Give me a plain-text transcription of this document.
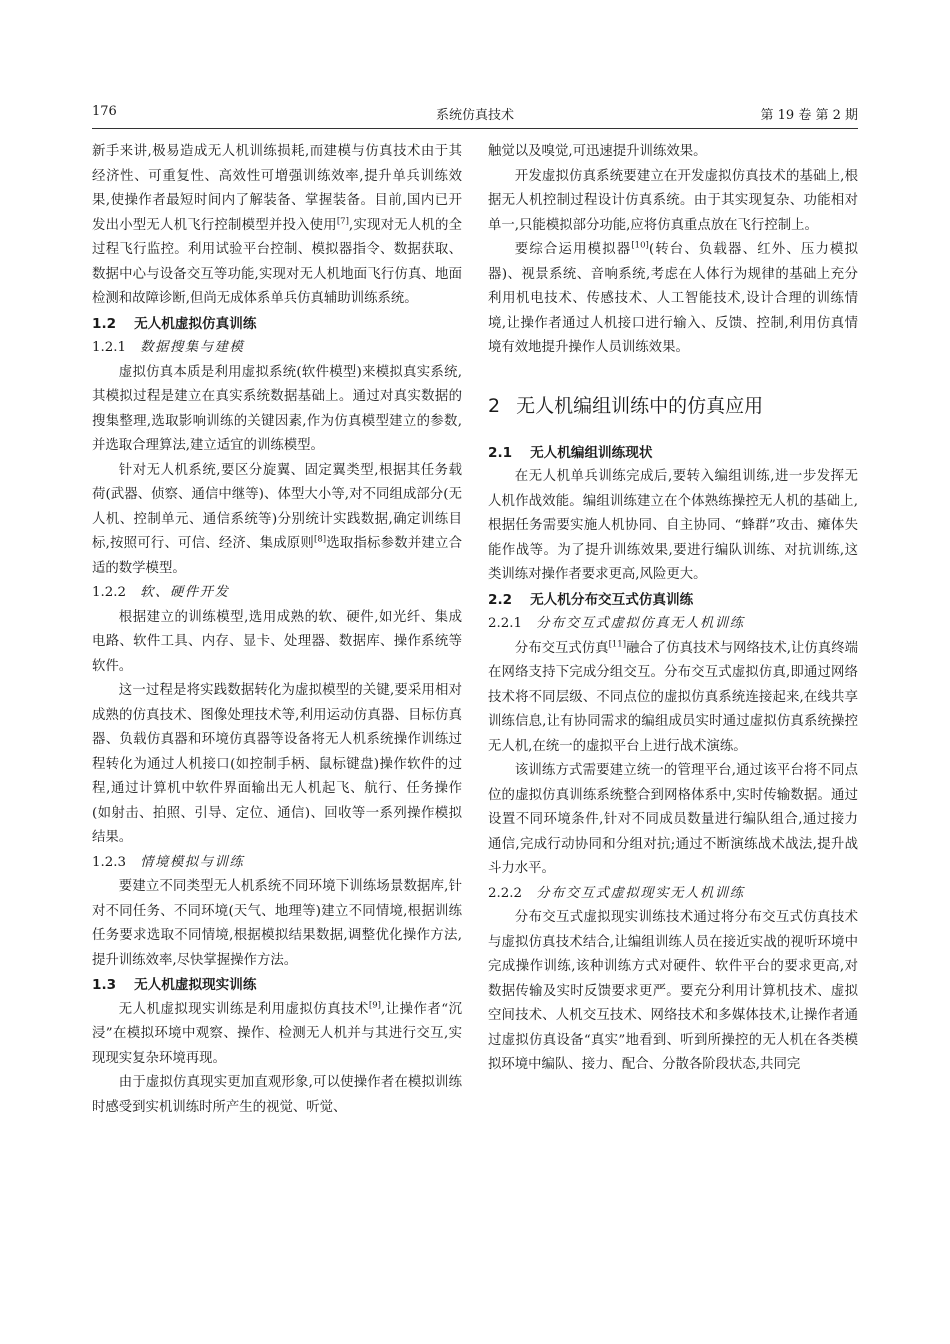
176	系统仿真技术	第 19 卷 第 2 期

新手来讲,极易造成无人机训练损耗,而建模与仿真技术由于其经济性、可重复性、高效性可增强训练效率,提升单兵训练效果,使操作者最短时间内了解装备、掌握装备。目前,国内已开发出小型无人机飞行控制模型并投入使用[7],实现对无人机的全过程飞行监控。利用试验平台控制、模拟器指令、数据获取、数据中心与设备交互等功能,实现对无人机地面飞行仿真、地面检测和故障诊断,但尚无成体系单兵仿真辅助训练系统。

1.2 无人机虚拟仿真训练
1.2.1 数据搜集与建模

虚拟仿真本质是利用虚拟系统(软件模型)来模拟真实系统,其模拟过程是建立在真实系统数据基础上。通过对真实数据的搜集整理,选取影响训练的关键因素,作为仿真模型建立的参数,并选取合理算法,建立适宜的训练模型。

针对无人机系统,要区分旋翼、固定翼类型,根据其任务载荷(武器、侦察、通信中继等)、体型大小等,对不同组成部分(无人机、控制单元、通信系统等)分别统计实践数据,确定训练目标,按照可行、可信、经济、集成原则[8]选取指标参数并建立合适的数学模型。

1.2.2 软、硬件开发

根据建立的训练模型,选用成熟的软、硬件,如光纤、集成电路、软件工具、内存、显卡、处理器、数据库、操作系统等软件。

这一过程是将实践数据转化为虚拟模型的关键,要采用相对成熟的仿真技术、图像处理技术等,利用运动仿真器、目标仿真器、负载仿真器和环境仿真器等设备将无人机系统操作训练过程转化为通过人机接口(如控制手柄、鼠标键盘)操作软件的过程,通过计算机中软件界面输出无人机起飞、航行、任务操作(如射击、拍照、引导、定位、通信)、回收等一系列操作模拟结果。

1.2.3 情境模拟与训练

要建立不同类型无人机系统不同环境下训练场景数据库,针对不同任务、不同环境(天气、地理等)建立不同情境,根据训练任务要求选取不同情境,根据模拟结果数据,调整优化操作方法,提升训练效率,尽快掌握操作方法。

1.3 无人机虚拟现实训练

无人机虚拟现实训练是利用虚拟仿真技术[9],让操作者“沉浸”在模拟环境中观察、操作、检测无人机并与其进行交互,实现现实复杂环境再现。

由于虚拟仿真现实更加直观形象,可以使操作者在模拟训练时感受到实机训练时所产生的视觉、听觉、

触觉以及嗅觉,可迅速提升训练效果。

开发虚拟仿真系统要建立在开发虚拟仿真技术的基础上,根据无人机控制过程设计仿真系统。由于其实现复杂、功能相对单一,只能模拟部分功能,应将仿真重点放在飞行控制上。

要综合运用模拟器[10](转台、负载器、红外、压力模拟器)、视景系统、音响系统,考虑在人体行为规律的基础上充分利用机电技术、传感技术、人工智能技术,设计合理的训练情境,让操作者通过人机接口进行输入、反馈、控制,利用仿真情境有效地提升操作人员训练效果。

2 无人机编组训练中的仿真应用
2.1 无人机编组训练现状

在无人机单兵训练完成后,要转入编组训练,进一步发挥无人机作战效能。编组训练建立在个体熟练操控无人机的基础上,根据任务需要实施人机协同、自主协同、“蜂群”攻击、瘫体失能作战等。为了提升训练效果,要进行编队训练、对抗训练,这类训练对操作者要求更高,风险更大。

2.2 无人机分布交互式仿真训练
2.2.1 分布交互式虚拟仿真无人机训练

分布交互式仿真[11]融合了仿真技术与网络技术,让仿真终端在网络支持下完成分组交互。分布交互式虚拟仿真,即通过网络技术将不同层级、不同点位的虚拟仿真系统连接起来,在线共享训练信息,让有协同需求的编组成员实时通过虚拟仿真系统操控无人机,在统一的虚拟平台上进行战术演练。

该训练方式需要建立统一的管理平台,通过该平台将不同点位的虚拟仿真训练系统整合到网格体系中,实时传输数据。通过设置不同环境条件,针对不同成员数量进行编队组合,通过接力通信,完成行动协同和分组对抗;通过不断演练战术战法,提升战斗力水平。

2.2.2 分布交互式虚拟现实无人机训练

分布交互式虚拟现实训练技术通过将分布交互式仿真技术与虚拟仿真技术结合,让编组训练人员在接近实战的视听环境中完成操作训练,该种训练方式对硬件、软件平台的要求更高,对数据传输及实时反馈要求更严。要充分利用计算机技术、虚拟空间技术、人机交互技术、网络技术和多媒体技术,让操作者通过虚拟仿真设备“真实”地看到、听到所操控的无人机在各类模拟环境中编队、接力、配合、分散各阶段状态,共同完
